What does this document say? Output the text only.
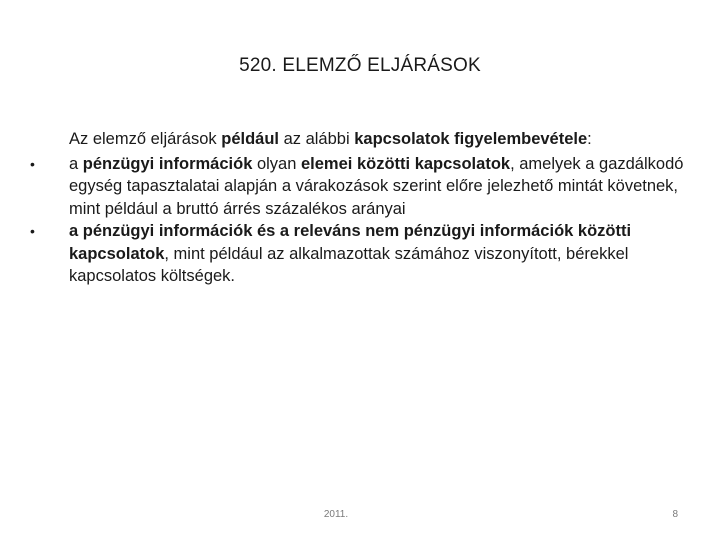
520. ELEMZŐ ELJÁRÁSOK
Az elemző eljárások például az alábbi kapcsolatok figyelembevétele:
•	a pénzügyi információk olyan elemei közötti kapcsolatok, amelyek a gazdálkodó egység tapasztalatai alapján a várakozások szerint előre jelezhető mintát követnek, mint például a bruttó árrés százalékos arányai
•	a pénzügyi információk és a releváns nem pénzügyi információk közötti kapcsolatok, mint például az alkalmazottak számához viszonyított, bérekkel kapcsolatos költségek.
2011.	8
